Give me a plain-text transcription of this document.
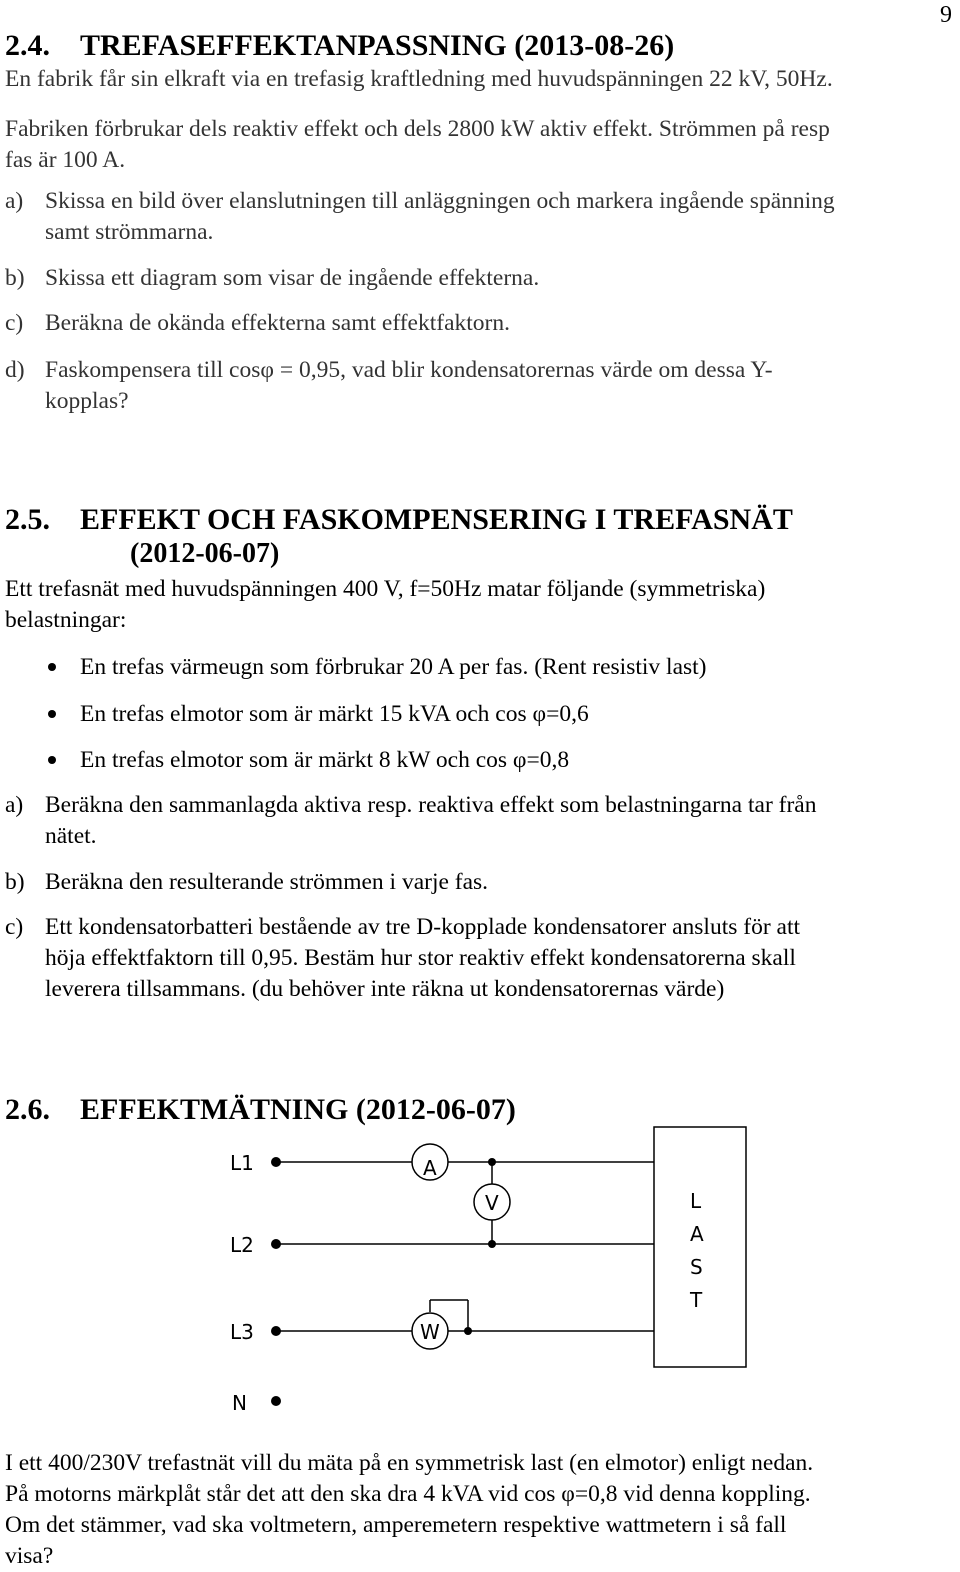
9
2.4. TREFASEFFEKTANPASSNING (2013-08-26)
En fabrik får sin elkraft via en trefasig kraftledning med huvudspänningen 22 kV, 50Hz.
Fabriken förbrukar dels reaktiv effekt och dels 2800 kW aktiv effekt. Strömmen på resp
fas är 100 A.
a) Skissa en bild över elanslutningen till anläggningen och markera ingående spänning
samt strömmarna.
b) Skissa ett diagram som visar de ingående effekterna.
c) Beräkna de okända effekterna samt effektfaktorn.
d) Faskompensera till cosφ = 0,95, vad blir kondensatorernas värde om dessa Y-
kopplas?
2.5. EFFEKT OCH FASKOMPENSERING I TREFASNÄT
(2012-06-07)
Ett trefasnät med huvudspänningen 400 V, f=50Hz matar följande (symmetriska)
belastningar:
En trefas värmeugn som förbrukar 20 A per fas. (Rent resistiv last)
En trefas elmotor som är märkt 15 kVA och cos φ=0,6
En trefas elmotor som är märkt 8 kW och cos φ=0,8
a) Beräkna den sammanlagda aktiva resp. reaktiva effekt som belastningarna tar från
nätet.
b) Beräkna den resulterande strömmen i varje fas.
c) Ett kondensatorbatteri bestående av tre D-kopplade kondensatorer ansluts för att
höja effektfaktorn till 0,95. Bestäm hur stor reaktiv effekt kondensatorerna skall
leverera tillsammans. (du behöver inte räkna ut kondensatorernas värde)
2.6. EFFEKTMÄTNING (2012-06-07)
L1
L2
L3
N
A
V
W
L
A
S
T
I ett 400/230V trefastnät vill du mäta på en symmetrisk last (en elmotor) enligt nedan.
På motorns märkplåt står det att den ska dra 4 kVA vid cos φ=0,8 vid denna koppling.
Om det stämmer, vad ska voltmetern, amperemetern respektive wattmetern i så fall
visa?
